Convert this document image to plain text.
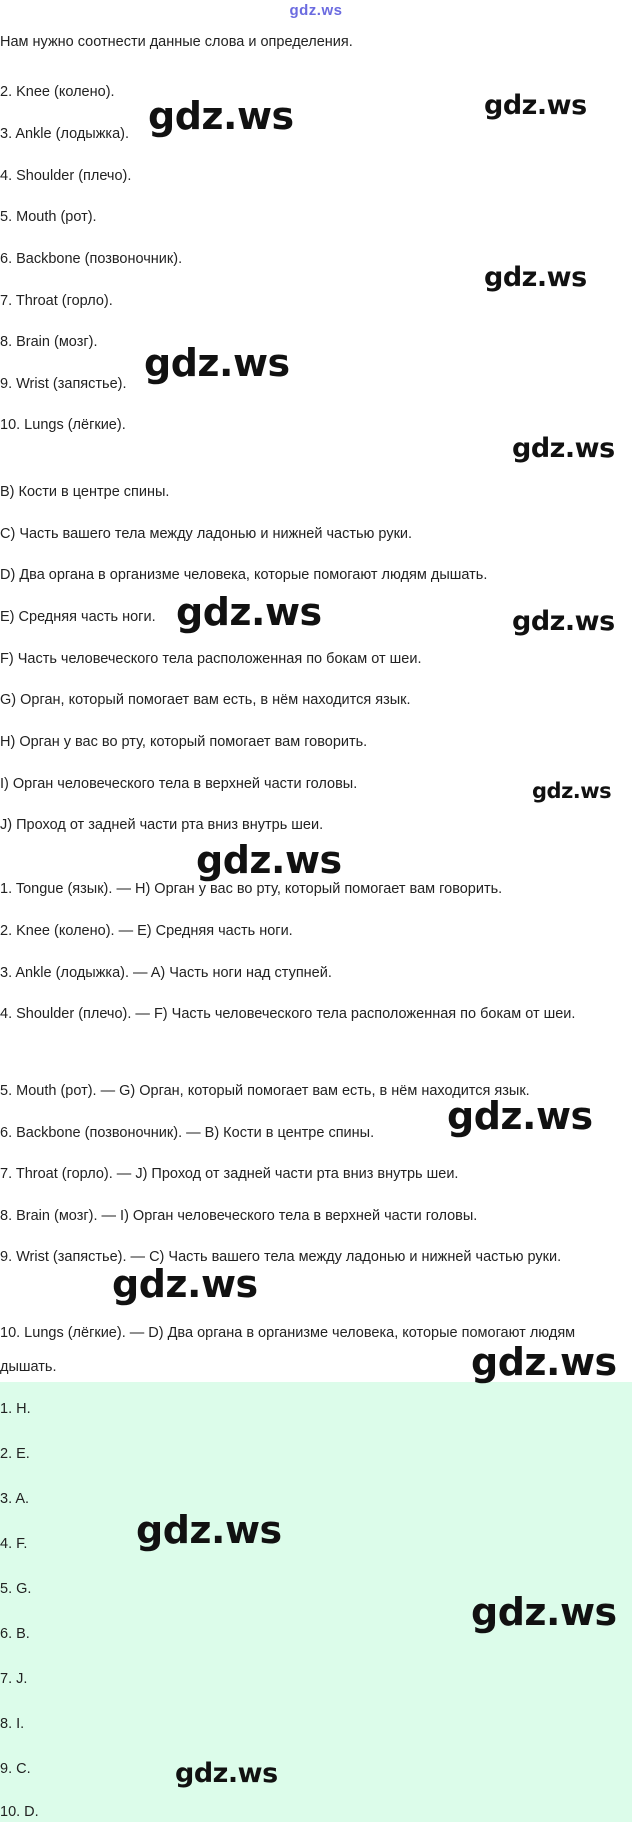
gdz.ws

Нам нужно соотнести данные слова и определения.

2. Knee (колено).

3. Ankle (лодыжка).

4. Shoulder (плечо).

5. Mouth (рот).

6. Backbone (позвоночник).

7. Throat (горло).

8. Brain (мозг).

9. Wrist (запястье).

10. Lungs (лёгкие).

B) Кости в центре спины.

C) Часть вашего тела между ладонью и нижней частью руки.

D) Два органа в организме человека, которые помогают людям дышать.

E) Средняя часть ноги.

F) Часть человеческого тела расположенная по бокам от шеи.

G) Орган, который помогает вам есть, в нём находится язык.

H) Орган у вас во рту, который помогает вам говорить.

I) Орган человеческого тела в верхней части головы.

J) Проход от задней части рта вниз внутрь шеи.

1. Tongue (язык). — H) Орган у вас во рту, который помогает вам говорить.

2. Knee (колено). — E) Средняя часть ноги.

3. Ankle (лодыжка). — A) Часть ноги над ступней.

4. Shoulder (плечо). — F) Часть человеческого тела расположенная по бокам от шеи.

5. Mouth (рот). — G) Орган, который помогает вам есть, в нём находится язык.

6. Backbone (позвоночник). — B) Кости в центре спины.

7. Throat (горло). — J) Проход от задней части рта вниз внутрь шеи.

8. Brain (мозг). — I) Орган человеческого тела в верхней части головы.

9. Wrist (запястье). — C) Часть вашего тела между ладонью и нижней частью руки.

10. Lungs (лёгкие). — D) Два органа в организме человека, которые помогают людям дышать.

1. H.

2. E.

3. A.

4. F.

5. G.

6. B.

7. J.

8. I.

9. C.

10. D.

gdz.ws	gdz.ws
gdz.ws
gdz.ws
gdz.ws
gdz.ws	gdz.ws
gdz.ws
gdz.ws
gdz.ws
gdz.ws
gdz.ws
gdz.ws
gdz.ws
gdz.ws
